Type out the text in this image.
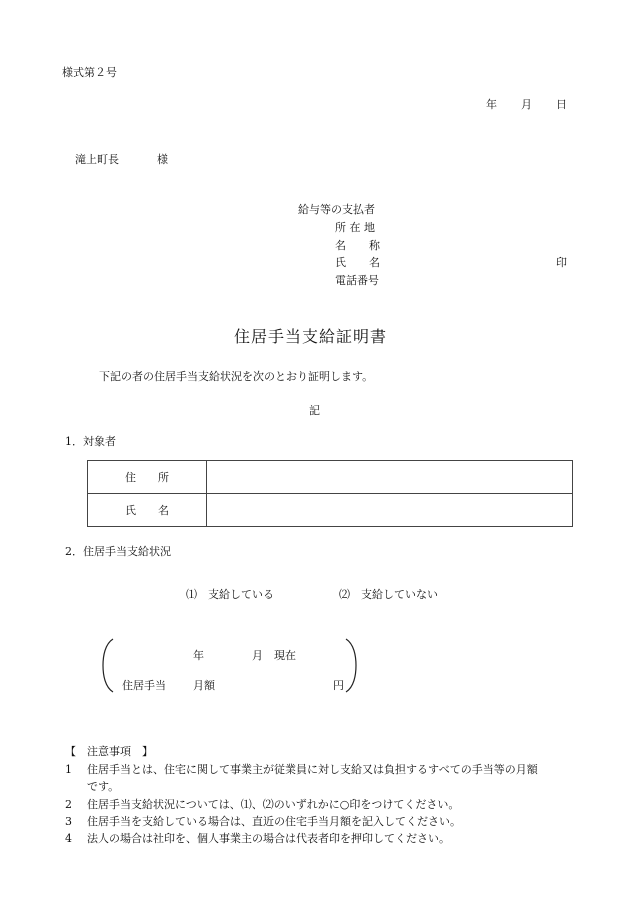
様式第２号
年 月 日
滝上町長	様
給与等の支払者
所 在 地
名 称
氏 名	印
電話番号
住居手当支給証明書
下記の者の住居手当支給状況を次のとおり証明します。
記
1．対象者
住 所	
氏 名	
2．住居手当支給状況
⑴　支給している	⑵　支給していない
年	月　現在
住居手当 月額	円
【　注意事項　】
1 住居手当とは、住宅に関して事業主が従業員に対し支給又は負担するすべての手当等の月額
です。
2 住居手当支給状況については、⑴、⑵のいずれかに○印をつけてください。
3 住居手当を支給している場合は、直近の住宅手当月額を記入してください。
4 法人の場合は社印を、個人事業主の場合は代表者印を押印してください。
